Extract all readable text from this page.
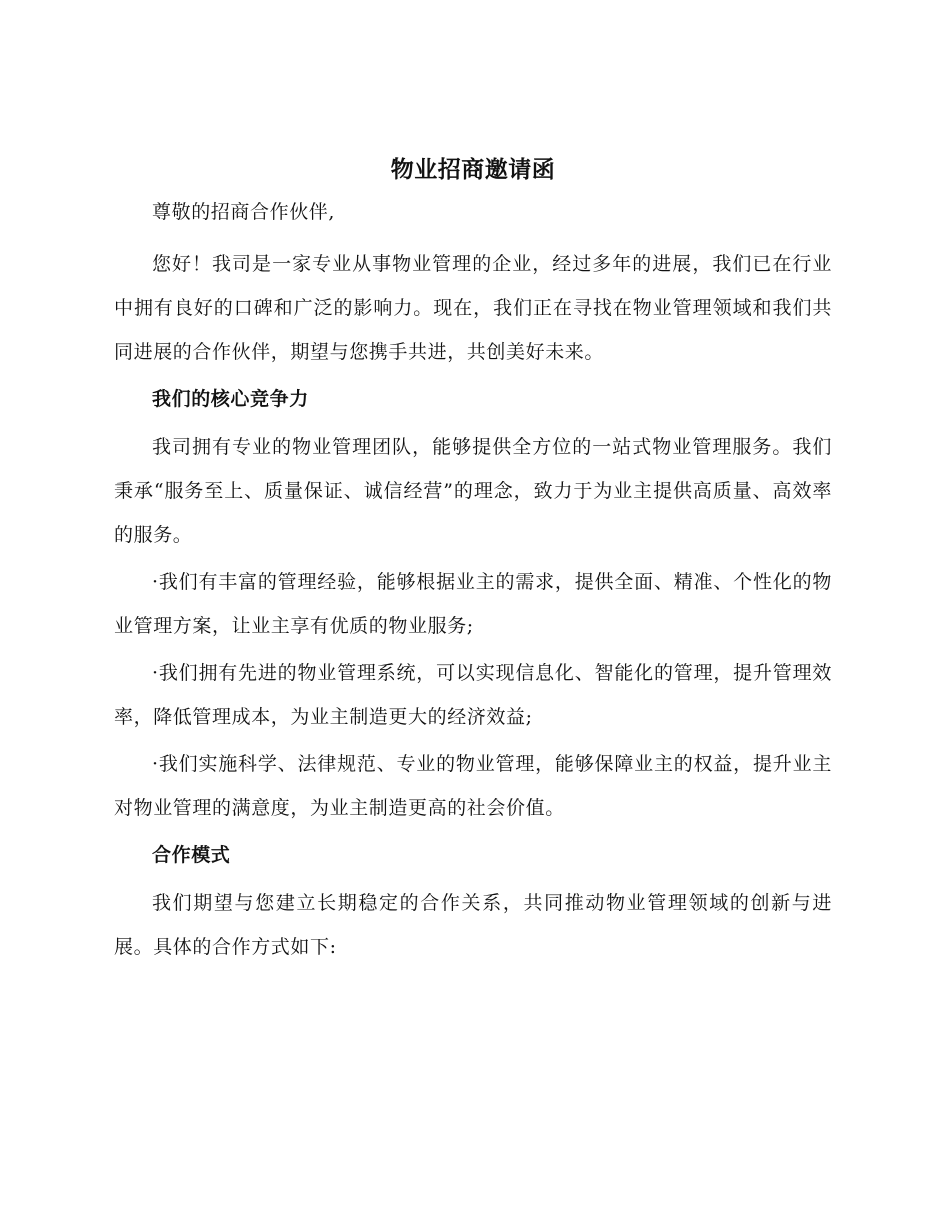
物业招商邀请函

尊敬的招商合作伙伴,

您好！我司是一家专业从事物业管理的企业，经过多年的进展，我们已在行业中拥有良好的口碑和广泛的影响力。现在，我们正在寻找在物业管理领域和我们共同进展的合作伙伴，期望与您携手共进，共创美好未来。

我们的核心竞争力

我司拥有专业的物业管理团队，能够提供全方位的一站式物业管理服务。我们秉承“服务至上、质量保证、诚信经营”的理念，致力于为业主提供高质量、高效率的服务。

·我们有丰富的管理经验，能够根据业主的需求，提供全面、精准、个性化的物业管理方案，让业主享有优质的物业服务;

·我们拥有先进的物业管理系统，可以实现信息化、智能化的管理，提升管理效率，降低管理成本，为业主制造更大的经济效益;

·我们实施科学、法律规范、专业的物业管理，能够保障业主的权益，提升业主对物业管理的满意度，为业主制造更高的社会价值。

合作模式

我们期望与您建立长期稳定的合作关系，共同推动物业管理领域的创新与进展。具体的合作方式如下:
